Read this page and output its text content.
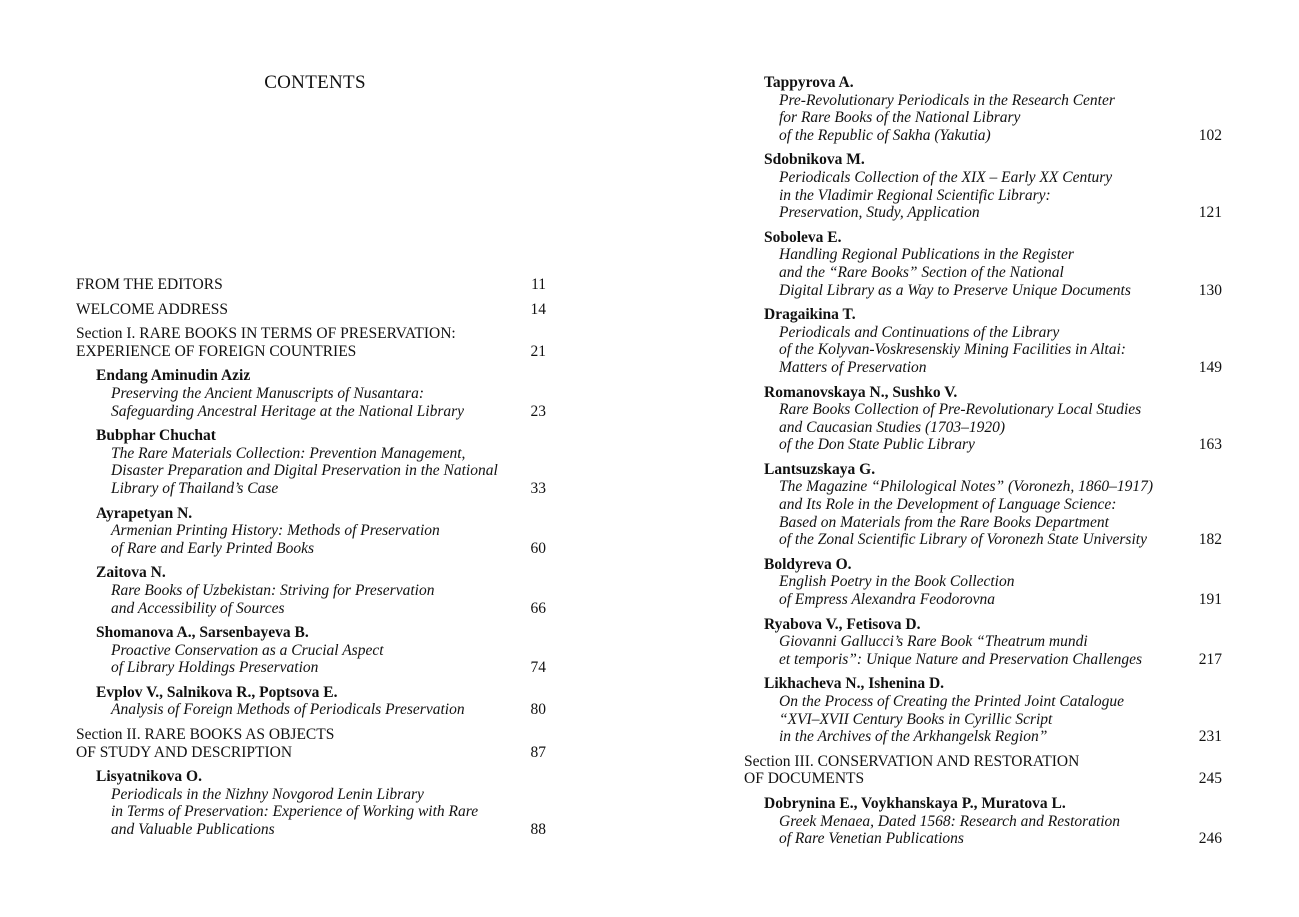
CONTENTS
FROM THE EDITORS	11
WELCOME ADDRESS	14
Section I. RARE BOOKS IN TERMS OF PRESERVATION:
EXPERIENCE OF FOREIGN COUNTRIES	21
Endang Aminudin Aziz
Preserving the Ancient Manuscripts of Nusantara:
Safeguarding Ancestral Heritage at the National Library	23
Bubphar Chuchat
The Rare Materials Collection: Prevention Management,
Disaster Preparation and Digital Preservation in the National
Library of Thailand’s Case	33
Ayrapetyan N.
Armenian Printing History: Methods of Preservation
of Rare and Early Printed Books	60
Zaitova N.
Rare Books of Uzbekistan: Striving for Preservation
and Accessibility of Sources	66
Shomanova A., Sarsenbayeva B.
Proactive Conservation as a Crucial Aspect
of Library Holdings Preservation	74
Evplov V., Salnikova R., Poptsova E.
Analysis of Foreign Methods of Periodicals Preservation	80
Section II. RARE BOOKS AS OBJECTS
OF STUDY AND DESCRIPTION	87
Lisyatnikova O.
Periodicals in the Nizhny Novgorod Lenin Library
in Terms of Preservation: Experience of Working with Rare
and Valuable Publications	88
Tappyrova A.
Pre-Revolutionary Periodicals in the Research Center
for Rare Books of the National Library
of the Republic of Sakha (Yakutia)	102
Sdobnikova M.
Periodicals Collection of the XIX – Early XX Century
in the Vladimir Regional Scientific Library:
Preservation, Study, Application	121
Soboleva E.
Handling Regional Publications in the Register
and the “Rare Books” Section of the National
Digital Library as a Way to Preserve Unique Documents	130
Dragaikina T.
Periodicals and Continuations of the Library
of the Kolyvan-Voskresenskiy Mining Facilities in Altai:
Matters of Preservation	149
Romanovskaya N., Sushko V.
Rare Books Collection of Pre-Revolutionary Local Studies
and Caucasian Studies (1703–1920)
of the Don State Public Library	163
Lantsuzskaya G.
The Magazine “Philological Notes” (Voronezh, 1860–1917)
and Its Role in the Development of Language Science:
Based on Materials from the Rare Books Department
of the Zonal Scientific Library of Voronezh State University	182
Boldyreva O.
English Poetry in the Book Collection
of Empress Alexandra Feodorovna	191
Ryabova V., Fetisova D.
Giovanni Gallucci’s Rare Book “Theatrum mundi
et temporis”: Unique Nature and Preservation Challenges	217
Likhacheva N., Ishenina D.
On the Process of Creating the Printed Joint Catalogue
“XVI–XVII Century Books in Cyrillic Script
in the Archives of the Arkhangelsk Region”	231
Section III. CONSERVATION AND RESTORATION
OF DOCUMENTS	245
Dobrynina E., Voykhanskaya P., Muratova L.
Greek Menaea, Dated 1568: Research and Restoration
of Rare Venetian Publications	246
